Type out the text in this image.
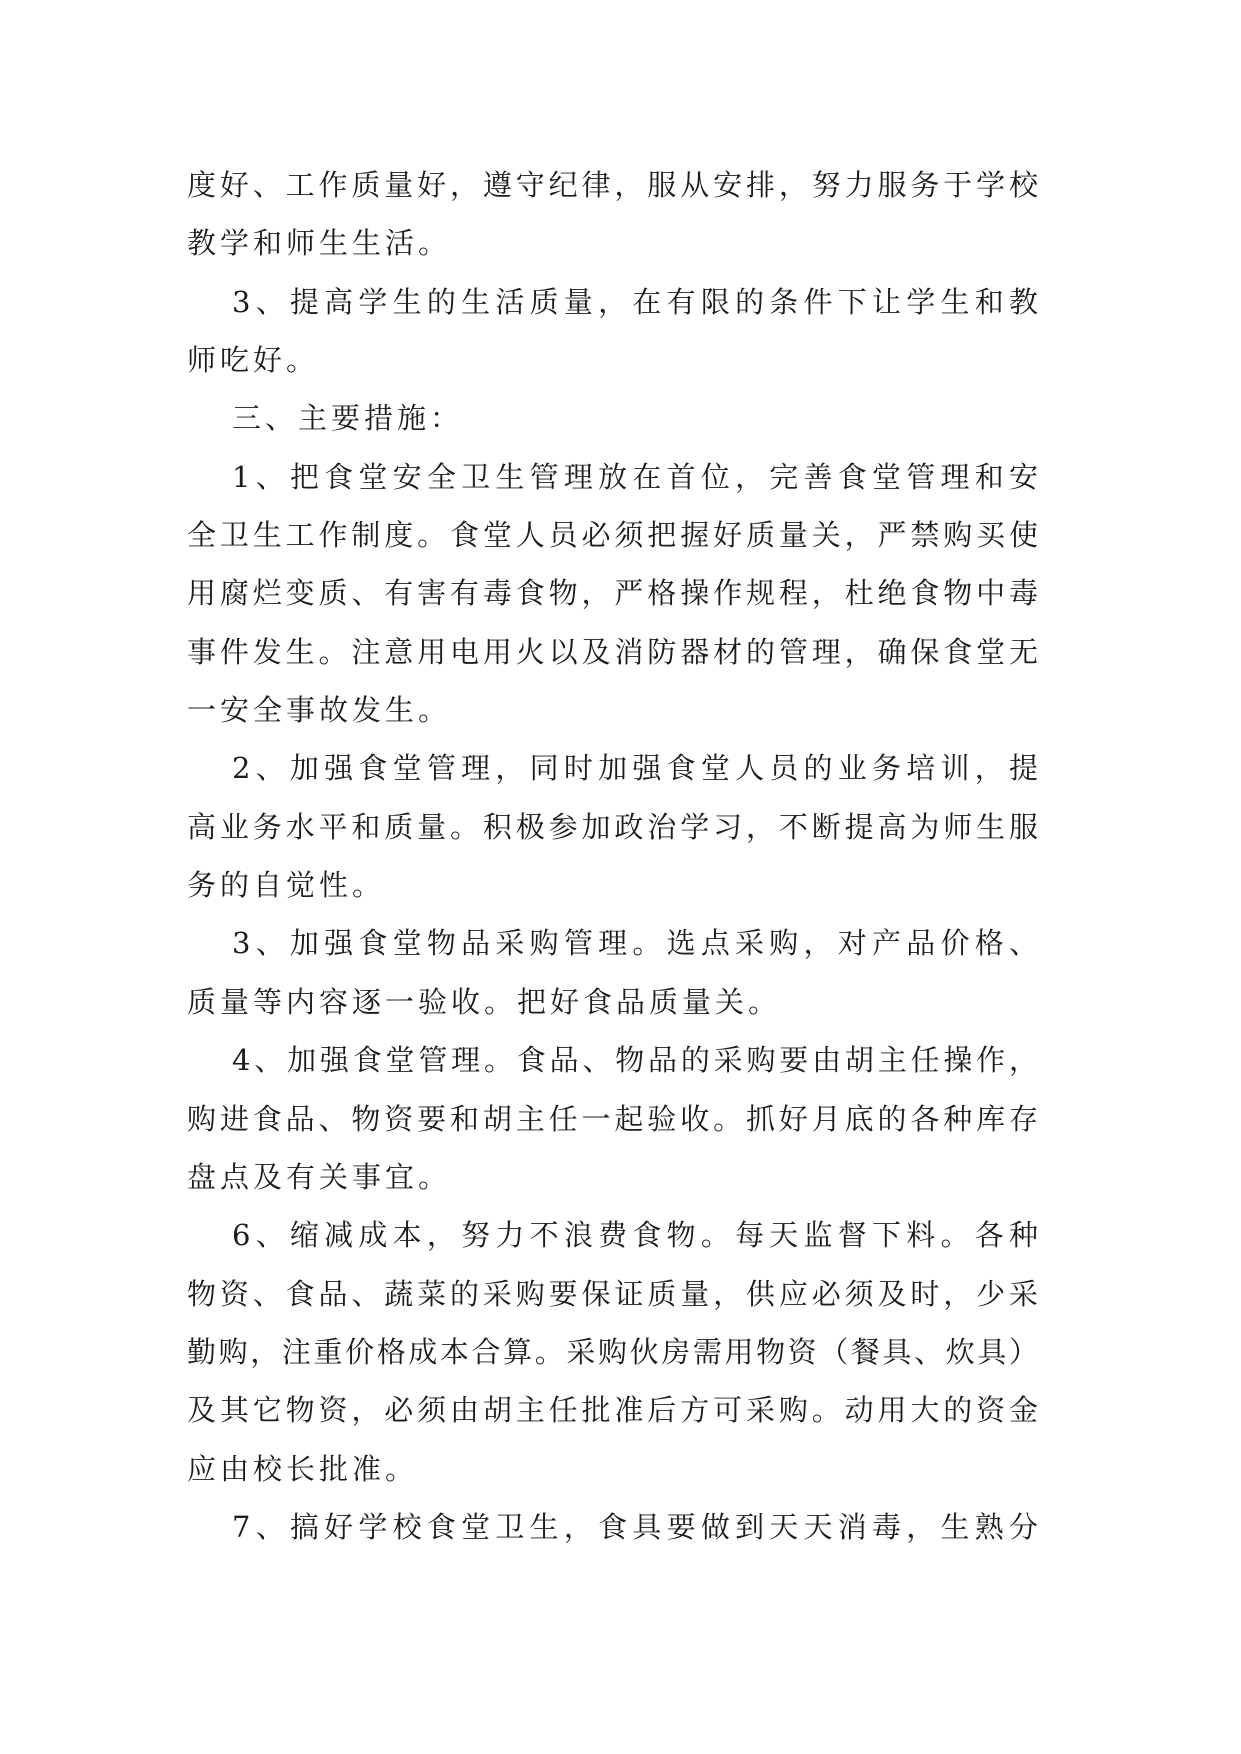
度好、工作质量好，遵守纪律，服从安排，努力服务于学校
教学和师生生活。
3、提高学生的生活质量，在有限的条件下让学生和教
师吃好。
三、主要措施：
1、把食堂安全卫生管理放在首位，完善食堂管理和安
全卫生工作制度。食堂人员必须把握好质量关，严禁购买使
用腐烂变质、有害有毒食物，严格操作规程，杜绝食物中毒
事件发生。注意用电用火以及消防器材的管理，确保食堂无
一安全事故发生。
2、加强食堂管理，同时加强食堂人员的业务培训，提
高业务水平和质量。积极参加政治学习，不断提高为师生服
务的自觉性。
3、加强食堂物品采购管理。选点采购，对产品价格、
质量等内容逐一验收。把好食品质量关。
4、加强食堂管理。食品、物品的采购要由胡主任操作，
购进食品、物资要和胡主任一起验收。抓好月底的各种库存
盘点及有关事宜。
6、缩减成本，努力不浪费食物。每天监督下料。各种
物资、食品、蔬菜的采购要保证质量，供应必须及时，少采
勤购，注重价格成本合算。采购伙房需用物资（餐具、炊具）
及其它物资，必须由胡主任批准后方可采购。动用大的资金
应由校长批准。
7、搞好学校食堂卫生，食具要做到天天消毒，生熟分
